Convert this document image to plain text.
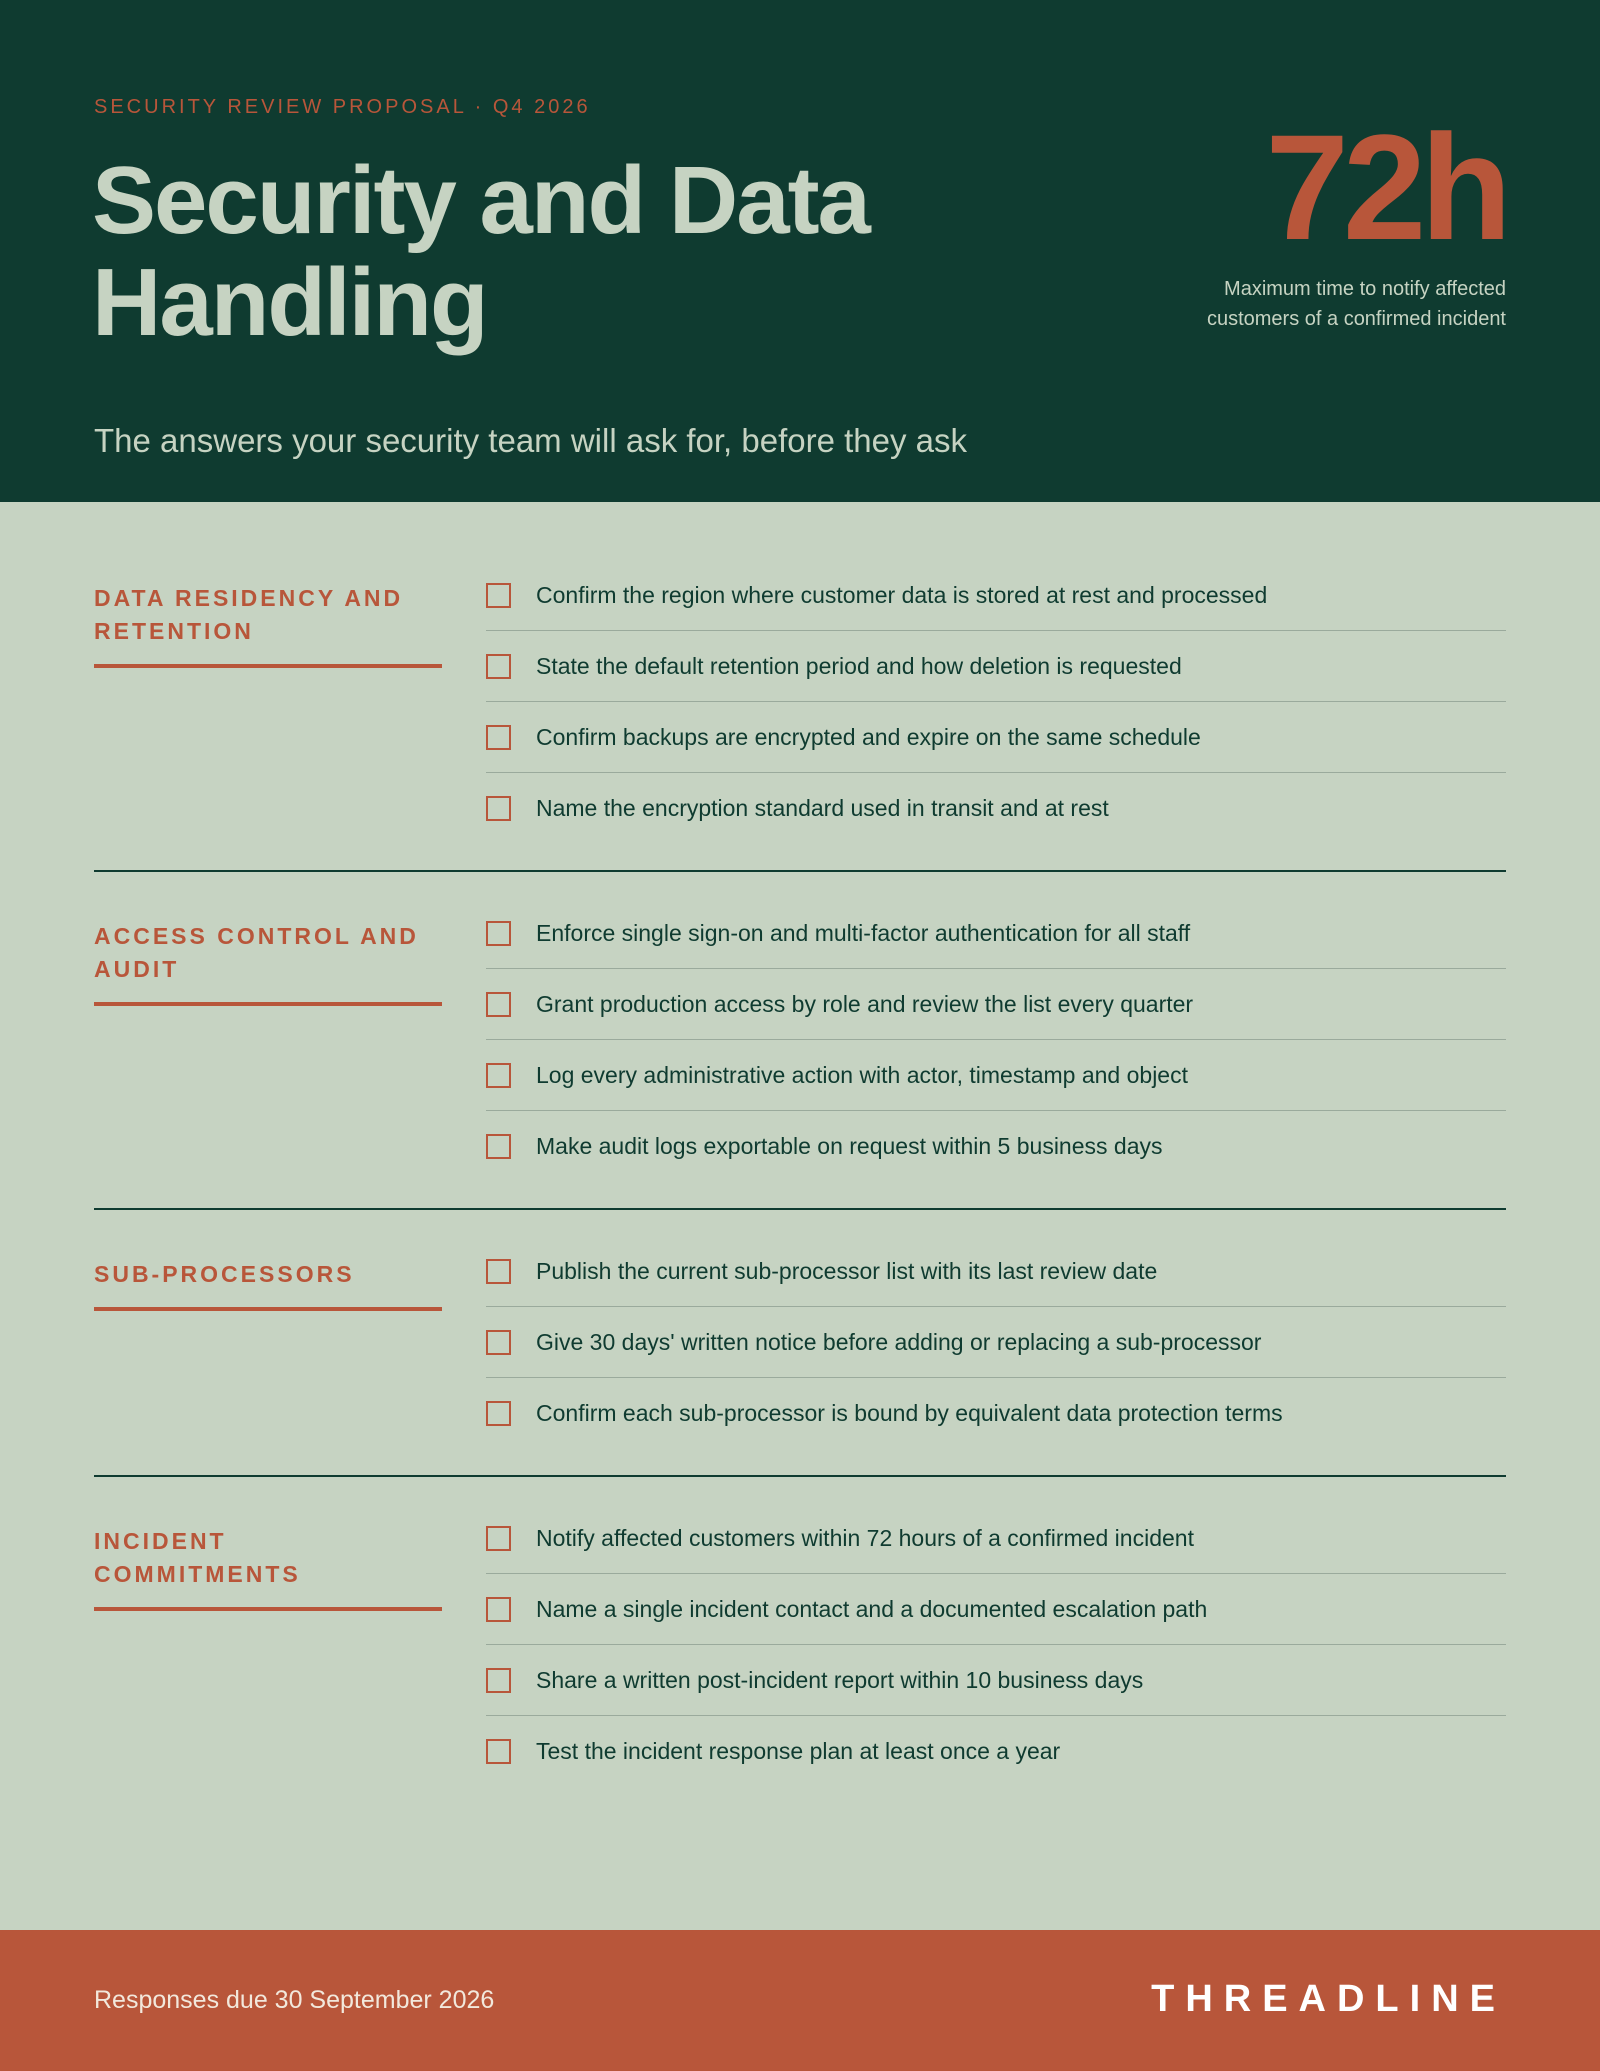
SECURITY REVIEW PROPOSAL · Q4 2026
Security and Data Handling
The answers your security team will ask for, before they ask
72h
Maximum time to notify affected customers of a confirmed incident
DATA RESIDENCY AND RETENTION
Confirm the region where customer data is stored at rest and processed
State the default retention period and how deletion is requested
Confirm backups are encrypted and expire on the same schedule
Name the encryption standard used in transit and at rest
ACCESS CONTROL AND AUDIT
Enforce single sign-on and multi-factor authentication for all staff
Grant production access by role and review the list every quarter
Log every administrative action with actor, timestamp and object
Make audit logs exportable on request within 5 business days
SUB-PROCESSORS	Publish the current sub-processor list with its last review date
Give 30 days' written notice before adding or replacing a sub-processor
Confirm each sub-processor is bound by equivalent data protection terms
INCIDENT COMMITMENTS
Notify affected customers within 72 hours of a confirmed incident
Name a single incident contact and a documented escalation path
Share a written post-incident report within 10 business days
Test the incident response plan at least once a year
Responses due 30 September 2026	THREADLINE
